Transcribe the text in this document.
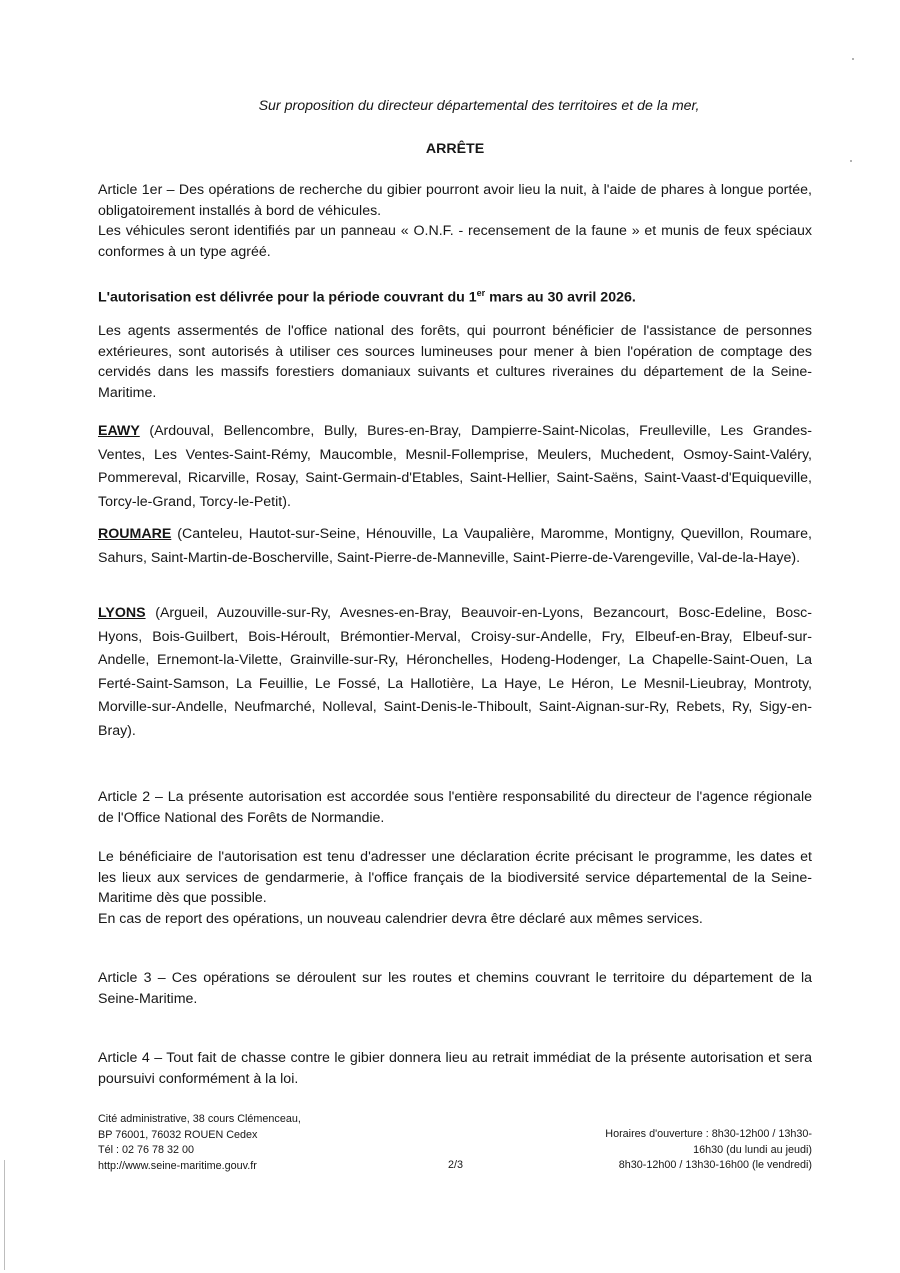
Sur proposition du directeur départemental des territoires et de la mer,

ARRÊTE

Article 1er – Des opérations de recherche du gibier pourront avoir lieu la nuit, à l'aide de phares à longue portée, obligatoirement installés à bord de véhicules.
Les véhicules seront identifiés par un panneau « O.N.F. - recensement de la faune » et munis de feux spéciaux conformes à un type agréé.

L'autorisation est délivrée pour la période couvrant du 1er mars au 30 avril 2026.

Les agents assermentés de l'office national des forêts, qui pourront bénéficier de l'assistance de personnes extérieures, sont autorisés à utiliser ces sources lumineuses pour mener à bien l'opération de comptage des cervidés dans les massifs forestiers domaniaux suivants et cultures riveraines du département de la Seine-Maritime.

EAWY (Ardouval, Bellencombre, Bully, Bures-en-Bray, Dampierre-Saint-Nicolas, Freulleville, Les Grandes-Ventes, Les Ventes-Saint-Rémy, Maucomble, Mesnil-Follemprise, Meulers, Muchedent, Osmoy-Saint-Valéry, Pommereval, Ricarville, Rosay, Saint-Germain-d'Etables, Saint-Hellier, Saint-Saëns, Saint-Vaast-d'Equiqueville, Torcy-le-Grand, Torcy-le-Petit).

ROUMARE (Canteleu, Hautot-sur-Seine, Hénouville, La Vaupalière, Maromme, Montigny, Quevillon, Roumare, Sahurs, Saint-Martin-de-Boscherville, Saint-Pierre-de-Manneville, Saint-Pierre-de-Varengeville, Val-de-la-Haye).

LYONS (Argueil, Auzouville-sur-Ry, Avesnes-en-Bray, Beauvoir-en-Lyons, Bezancourt, Bosc-Edeline, Bosc-Hyons, Bois-Guilbert, Bois-Héroult, Brémontier-Merval, Croisy-sur-Andelle, Fry, Elbeuf-en-Bray, Elbeuf-sur-Andelle, Ernemont-la-Vilette, Grainville-sur-Ry, Héronchelles, Hodeng-Hodenger, La Chapelle-Saint-Ouen, La Ferté-Saint-Samson, La Feuillie, Le Fossé, La Hallotière, La Haye, Le Héron, Le Mesnil-Lieubray, Montroty, Morville-sur-Andelle, Neufmarché, Nolleval, Saint-Denis-le-Thiboult, Saint-Aignan-sur-Ry, Rebets, Ry, Sigy-en-Bray).

Article 2 – La présente autorisation est accordée sous l'entière responsabilité du directeur de l'agence régionale de l'Office National des Forêts de Normandie.

Le bénéficiaire de l'autorisation est tenu d'adresser une déclaration écrite précisant le programme, les dates et les lieux aux services de gendarmerie, à l'office français de la biodiversité service départemental de la Seine-Maritime dès que possible.
En cas de report des opérations, un nouveau calendrier devra être déclaré aux mêmes services.

Article 3 – Ces opérations se déroulent sur les routes et chemins couvrant le territoire du département de la Seine-Maritime.

Article 4 – Tout fait de chasse contre le gibier donnera lieu au retrait immédiat de la présente autorisation et sera poursuivi conformément à la loi.

Cité administrative, 38 cours Clémenceau,
BP 76001, 76032 ROUEN Cedex
Tél : 02 76 78 32 00
http://www.seine-maritime.gouv.fr	2/3
Horaires d'ouverture : 8h30-12h00 / 13h30-
16h30 (du lundi au jeudi)
8h30-12h00 / 13h30-16h00 (le vendredi)
